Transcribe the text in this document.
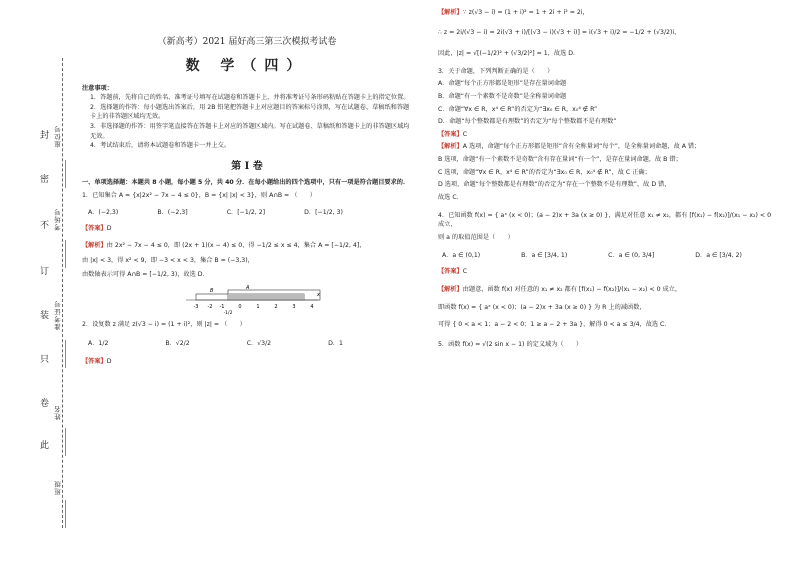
封
密
不
订
装
只
卷
此
座位号
考场号
准考证号
姓名
班级

（新高考）2021 届好高三第三次模拟考试卷

数 学（四）

注意事项：

1．答题前，先将自己的姓名、准考证号填写在试题卷和答题卡上，并将准考证号条形码粘贴在答题卡上的指定位置。

2．选择题的作答：每小题选出答案后，用 2B 铅笔把答题卡上对应题目的答案标号涂黑，写在试题卷、草稿纸和答题卡上的非答题区域均无效。

3．非选择题的作答：用签字笔直接答在答题卡上对应的答题区域内。写在试题卷、草稿纸和答题卡上的非答题区域均无效。

4．考试结束后，请将本试题卷和答题卡一并上交。

第 Ⅰ 卷

一、单项选择题：本题共 8 小题，每小题 5 分，共 40 分．在每小题给出的四个选项中，只有一项是符合题目要求的．

1．已知集合 A = {x|2x² − 7x − 4 ≤ 0}，B = {x| |x| < 3}，则 A∩B = （　　）

A．(−2,3)	B．(−2,3]	C．[−1/2, 2]	D．[−1/2, 3)

【答案】D

【解析】由 2x² − 7x − 4 ≤ 0，即 (2x + 1)(x − 4) ≤ 0，得 −1/2 ≤ x ≤ 4，集合 A = [−1/2, 4]，

由 |x| < 3，得 x² < 9，即 −3 < x < 3，集合 B = (−3,3)，

由数轴表示可得 A∩B = [−1/2, 3)，故选 D．

-3 -2 -1
-1/2
0	1	2	3	4
x
A
B

2．设复数 z 满足 z(√3 − i) = (1 + i)²，则 |z| = （　　）

A．1/2	B．√2/2	C．√3/2	D．1

【答案】D

【解析】∵ z(√3 − i) = (1 + i)² = 1 + 2i + i² = 2i，

∴ z = 2i/(√3 − i) = 2i(√3 + i)/[(√3 − i)(√3 + i)] = i(√3 + i)/2 = −1/2 + (√3/2)i，

因此，|z| = √[(−1/2)² + (√3/2)²] = 1，故选 D．

3．关于命题，下列判断正确的是（　　）

A．命题“每个正方形都是矩形”是存在量词命题

B．命题“有一个素数不是奇数”是全称量词命题

C．命题“∀x ∈ R，x⁴ ∈ R”的否定为“∃x₀ ∈ R，x₀⁴ ∉ R”

D．命题“每个整数都是有理数”的否定为“每个整数都不是有理数”

【答案】C

【解析】A 选项，命题“每个正方形都是矩形”含有全称量词“每个”，是全称量词命题，故 A 错；

B 选项，命题“有一个素数不是奇数”含有存在量词“有一个”，是存在量词命题，故 B 错；

C 选项，命题“∀x ∈ R，x⁴ ∈ R”的否定为“∃x₀ ∈ R，x₀⁴ ∉ R”，故 C 正确；

D 选项，命题“每个整数都是有理数”的否定为“存在一个整数不是有理数”，故 D 错，

故选 C．

4．已知函数 f(x) = { aˣ (x < 0)；(a − 2)x + 3a (x ≥ 0) }，满足对任意 x₁ ≠ x₂，都有 [f(x₁) − f(x₂)]/(x₁ − x₂) < 0 成立，

则 a 的取值范围是（　　）

A．a ∈ (0,1)	B．a ∈ [3/4, 1)	C．a ∈ (0, 3/4]	D．a ∈ [3/4, 2)

【答案】C

【解析】由题意，函数 f(x) 对任意的 x₁ ≠ x₂ 都有 [f(x₁) − f(x₂)]/(x₁ − x₂) < 0 成立，

即函数 f(x) = { aˣ (x < 0)；(a − 2)x + 3a (x ≥ 0) } 为 R 上的减函数，

可得 { 0 < a < 1；a − 2 < 0；1 ≥ a − 2 + 3a }，解得 0 < a ≤ 3/4，故选 C．

5．函数 f(x) = √(2 sin x − 1) 的定义域为（　　）
